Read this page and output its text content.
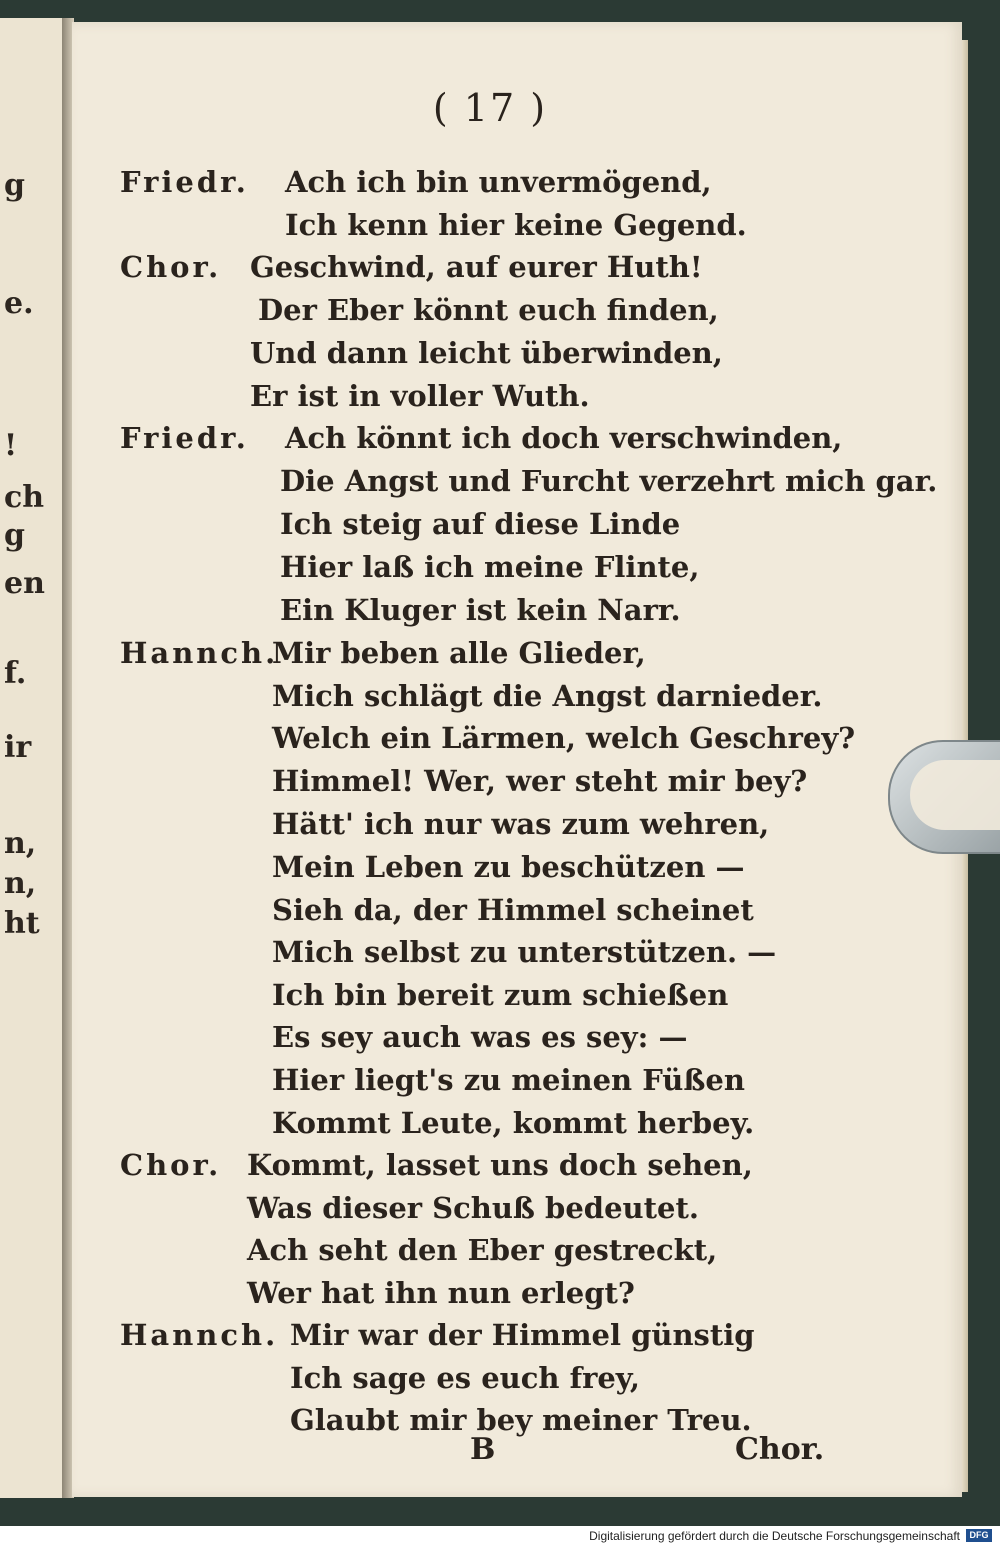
g
e.
!
ch
g
en
f.
ir
n,
n,
ht
( 17 )
Friedr. Ach ich bin unvermögend,
Ich kenn hier keine Gegend.
Chor. Geschwind, auf eurer Huth!
Der Eber könnt euch finden,
Und dann leicht überwinden,
Er ist in voller Wuth.
Friedr. Ach könnt ich doch verschwinden,
Die Angst und Furcht verzehrt mich gar.
Ich steig auf diese Linde
Hier laß ich meine Flinte,
Ein Kluger ist kein Narr.
Hannch.
Mir beben alle Glieder,
Mich schlägt die Angst darnieder.
Welch ein Lärmen, welch Geschrey?
Himmel! Wer, wer steht mir bey?
Hätt' ich nur was zum wehren,
Mein Leben zu beschützen —
Sieh da, der Himmel scheinet
Mich selbst zu unterstützen. —
Ich bin bereit zum schießen
Es sey auch was es sey: —
Hier liegt's zu meinen Füßen
Kommt Leute, kommt herbey.
Chor. Kommt, lasset uns doch sehen,
Was dieser Schuß bedeutet.
Ach seht den Eber gestreckt,
Wer hat ihn nun erlegt?
Hannch. Mir war der Himmel günstig
Ich sage es euch frey,
Glaubt mir bey meiner Treu.
B	Chor.
Digitalisierung gefördert durch die Deutsche Forschungsgemeinschaft	DFG
